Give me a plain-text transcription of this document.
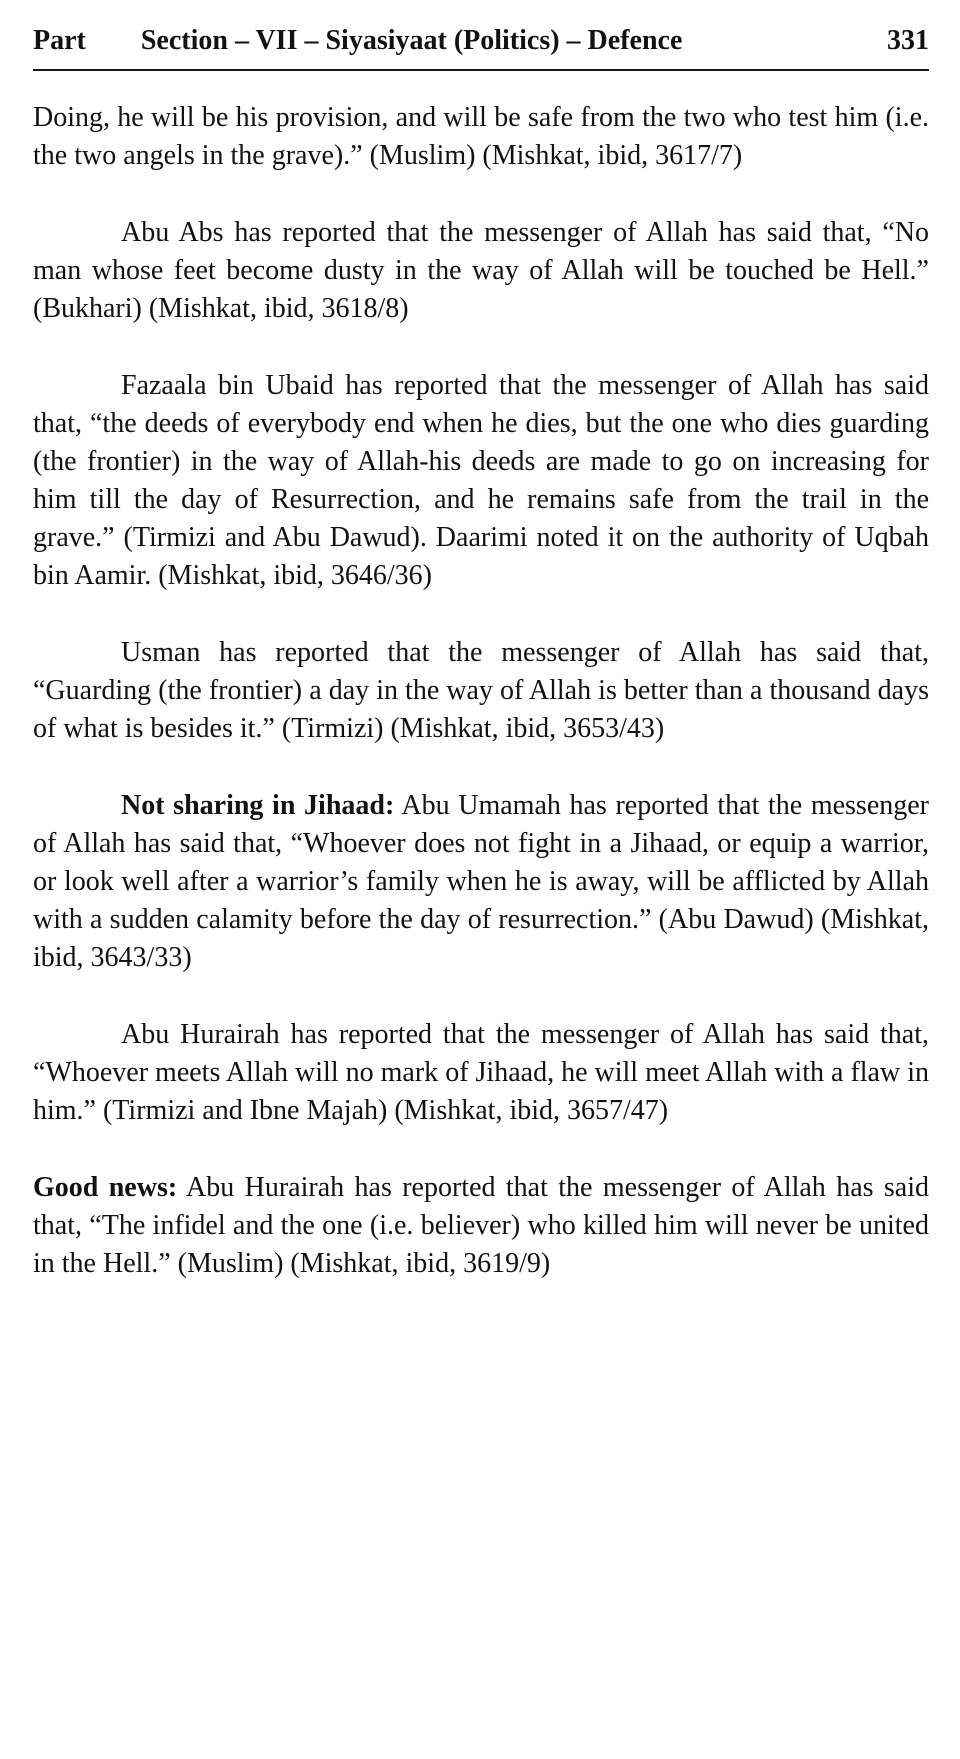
Part Section – VII – Siyasiyaat (Politics) – Defence	331

Doing, he will be his provision, and will be safe from the two who test him (i.e. the two angels in the grave).” (Muslim) (Mishkat, ibid, 3617/7)

Abu Abs has reported that the messenger of Allah has said that, “No man whose feet become dusty in the way of Allah will be touched be Hell.” (Bukhari) (Mishkat, ibid, 3618/8)

Fazaala bin Ubaid has reported that the messenger of Allah has said that, “the deeds of everybody end when he dies, but the one who dies guarding (the frontier) in the way of Allah-his deeds are made to go on increasing for him till the day of Resurrection, and he remains safe from the trail in the grave.” (Tirmizi and Abu Dawud). Daarimi noted it on the authority of Uqbah bin Aamir. (Mishkat, ibid, 3646/36)

Usman has reported that the messenger of Allah has said that, “Guarding (the frontier) a day in the way of Allah is better than a thousand days of what is besides it.” (Tirmizi) (Mishkat, ibid, 3653/43)

Not sharing in Jihaad: Abu Umamah has reported that the messenger of Allah has said that, “Whoever does not fight in a Jihaad, or equip a warrior, or look well after a warrior’s family when he is away, will be afflicted by Allah with a sudden calamity before the day of resurrection.” (Abu Dawud) (Mishkat, ibid, 3643/33)

Abu Hurairah has reported that the messenger of Allah has said that, “Whoever meets Allah will no mark of Jihaad, he will meet Allah with a flaw in him.” (Tirmizi and Ibne Majah) (Mishkat, ibid, 3657/47)

Good news: Abu Hurairah has reported that the messenger of Allah has said that, “The infidel and the one (i.e. believer) who killed him will never be united in the Hell.” (Muslim) (Mishkat, ibid, 3619/9)
